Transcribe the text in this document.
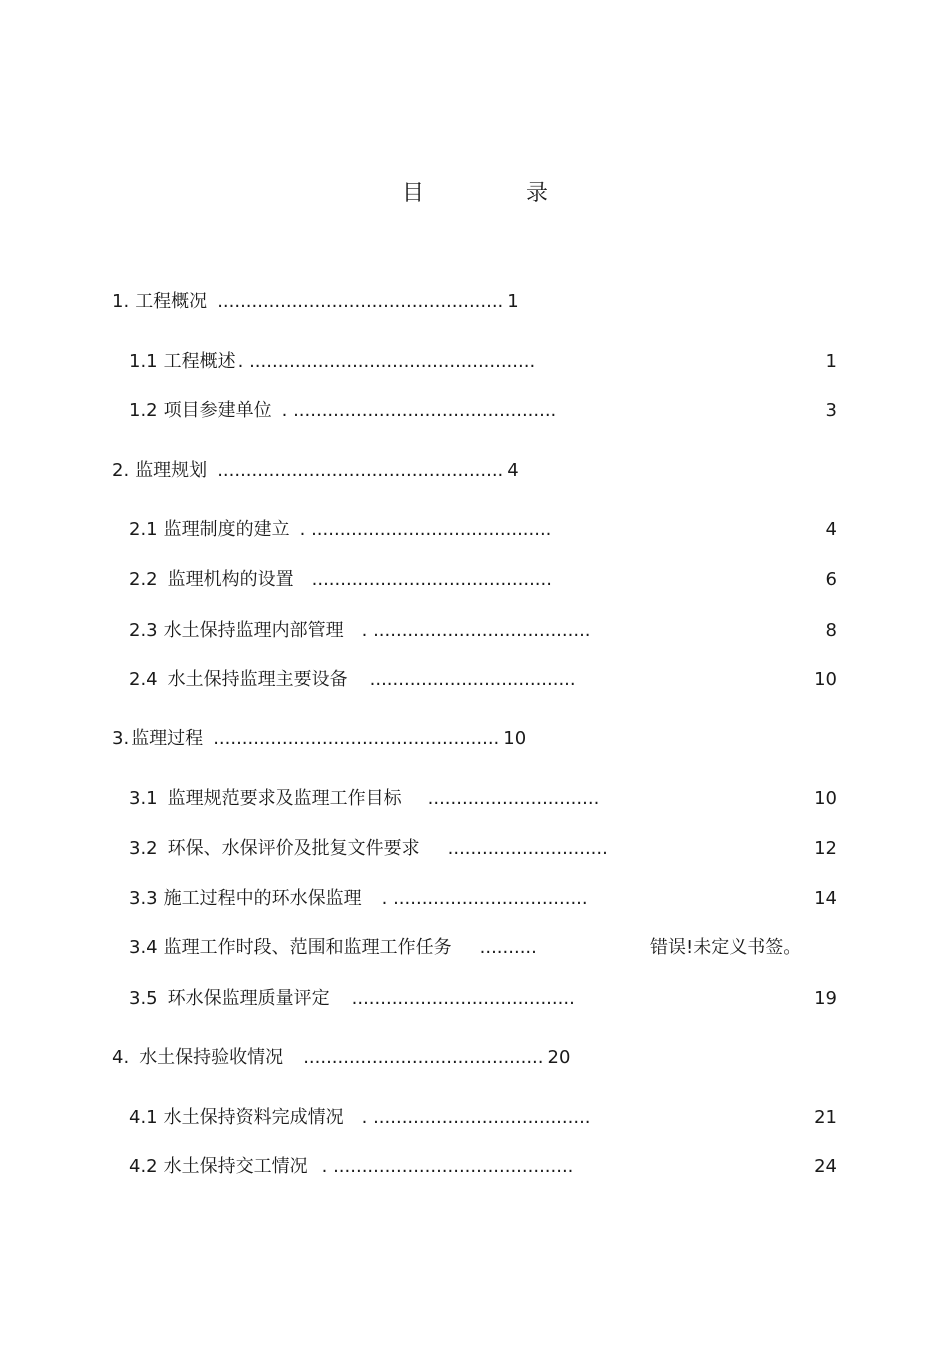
目　录
1. 工程概况 .................................................. 1
1.1 工程概述 . ..................................................	1
1.2 项目参建单位 . ..............................................	3
2. 监理规划 .................................................. 4
2.1 监理制度的建立 . ..........................................	4
2.2 监理机构的设置 ..........................................	6
2.3 水土保持监理内部管理 . ......................................	8
2.4 水土保持监理主要设备 ....................................	10
3. 监理过程 .................................................. 10
3.1 监理规范要求及监理工作目标 ..............................	10
3.2 环保、水保评价及批复文件要求 ............................	12
3.3 施工过程中的环水保监理 . ..................................	14
3.4 监理工作时段、范围和监理工作任务 ..........	错误!未定义书签。
3.5 环水保监理质量评定 .......................................	19
4. 水土保持验收情况 .......................................... 20
4.1 水土保持资料完成情况 . ......................................	21
4.2 水土保持交工情况 . ..........................................	24
